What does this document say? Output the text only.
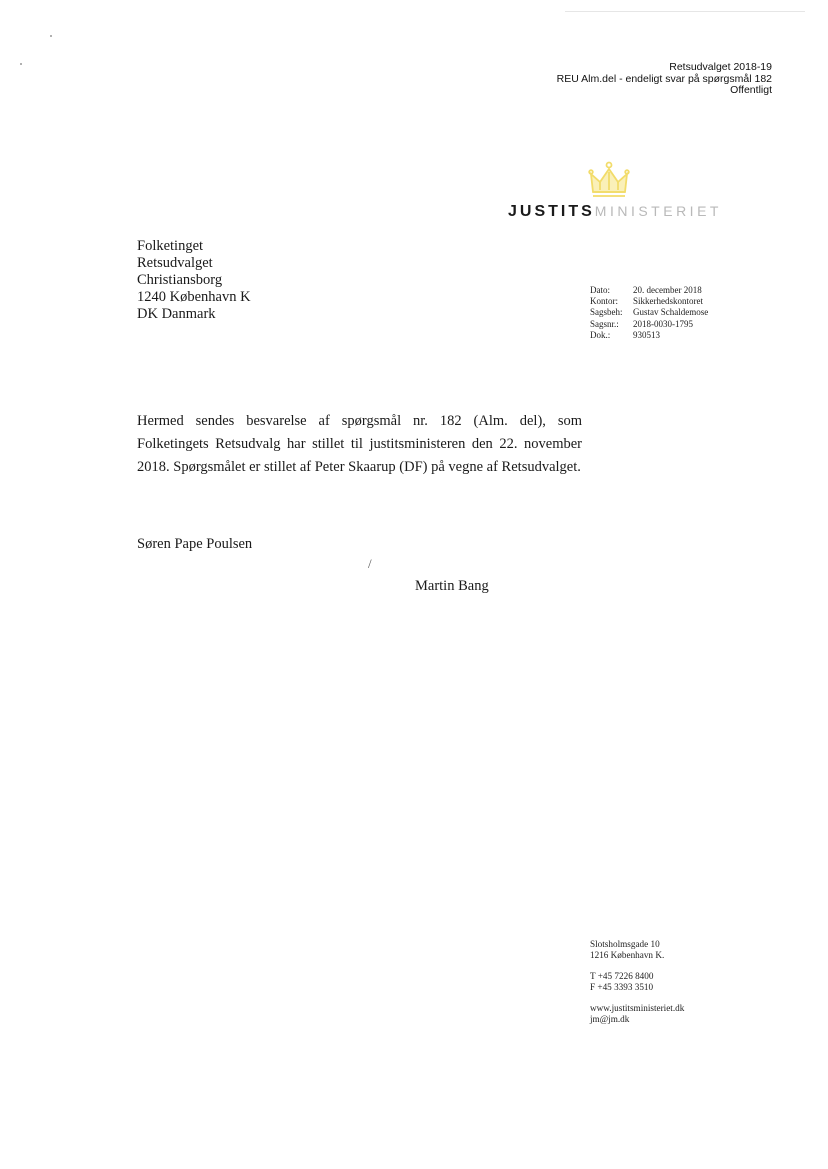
Retsudvalget 2018-19
REU Alm.del - endeligt svar på spørgsmål 182
Offentligt
JUSTITSMINISTERIET
Folketinget
Retsudvalget
Christiansborg
1240 København K
DK Danmark
Dato:	20. december 2018
Kontor:	Sikkerhedskontoret
Sagsbeh:	Gustav Schaldemose
Sagsnr.:	2018-0030-1795
Dok.:	930513
Hermed sendes besvarelse af spørgsmål nr. 182 (Alm. del), som Folketingets Retsudvalg har stillet til justitsministeren den 22. november 2018. Spørgsmålet er stillet af Peter Skaarup (DF) på vegne af Retsudvalget.
Søren Pape Poulsen
/
Martin Bang
Slotsholmsgade 10
1216 København K.
T +45 7226 8400
F +45 3393 3510
www.justitsministeriet.dk
jm@jm.dk
